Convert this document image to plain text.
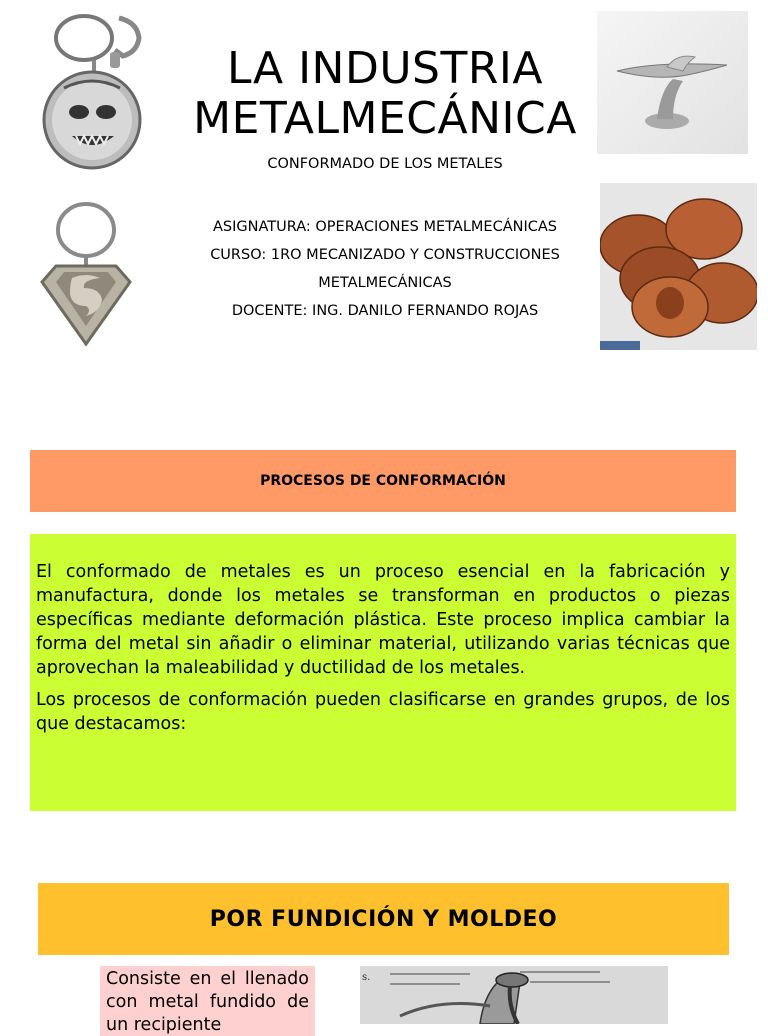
LA INDUSTRIA
METALMECÁNICA
CONFORMADO DE LOS METALES
ASIGNATURA: OPERACIONES METALMECÁNICAS
CURSO: 1RO MECANIZADO Y CONSTRUCCIONES
METALMECÁNICAS
DOCENTE: ING. DANILO FERNANDO ROJAS
PROCESOS DE CONFORMACIÓN

El conformado de metales es un proceso esencial en la fabricación y manufactura, donde los metales se transforman en productos o piezas específicas mediante deformación plástica. Este proceso implica cambiar la forma del metal sin añadir o eliminar material, utilizando varias técnicas que aprovechan la maleabilidad y ductilidad de los metales.

Los procesos de conformación pueden clasificarse en grandes grupos, de los que destacamos:

POR FUNDICIÓN Y MOLDEO
Consiste en el llenado con metal fundido de un recipiente
s.
